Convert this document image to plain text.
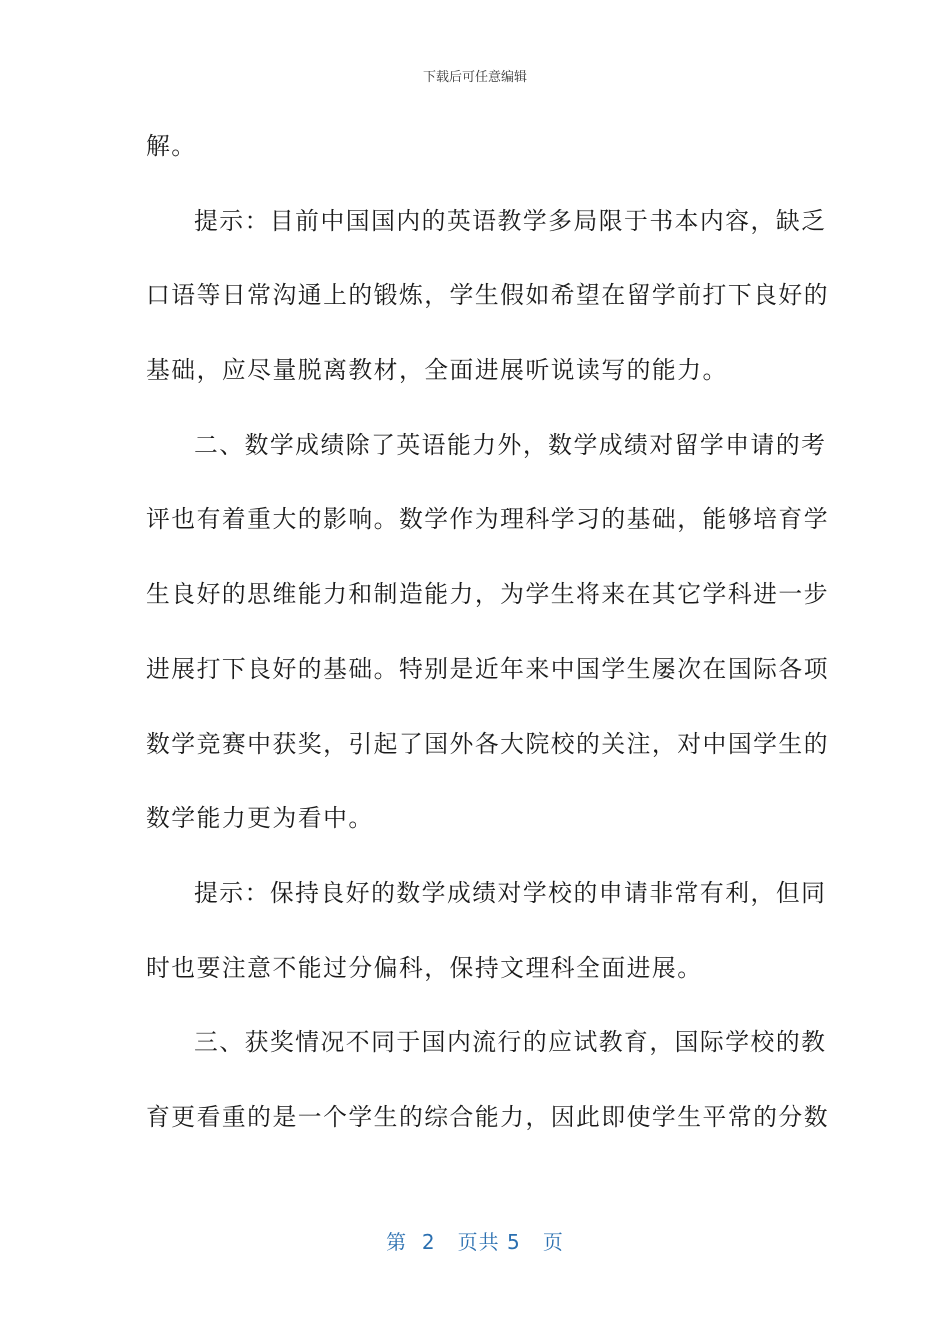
下载后可任意编辑
解。
提示：目前中国国内的英语教学多局限于书本内容，缺乏
口语等日常沟通上的锻炼，学生假如希望在留学前打下良好的
基础，应尽量脱离教材，全面进展听说读写的能力。
二、数学成绩除了英语能力外，数学成绩对留学申请的考
评也有着重大的影响。数学作为理科学习的基础，能够培育学
生良好的思维能力和制造能力，为学生将来在其它学科进一步
进展打下良好的基础。特别是近年来中国学生屡次在国际各项
数学竞赛中获奖，引起了国外各大院校的关注，对中国学生的
数学能力更为看中。
提示：保持良好的数学成绩对学校的申请非常有利，但同
时也要注意不能过分偏科，保持文理科全面进展。
三、获奖情况不同于国内流行的应试教育，国际学校的教
育更看重的是一个学生的综合能力，因此即使学生平常的分数
第  2   页共 5   页
